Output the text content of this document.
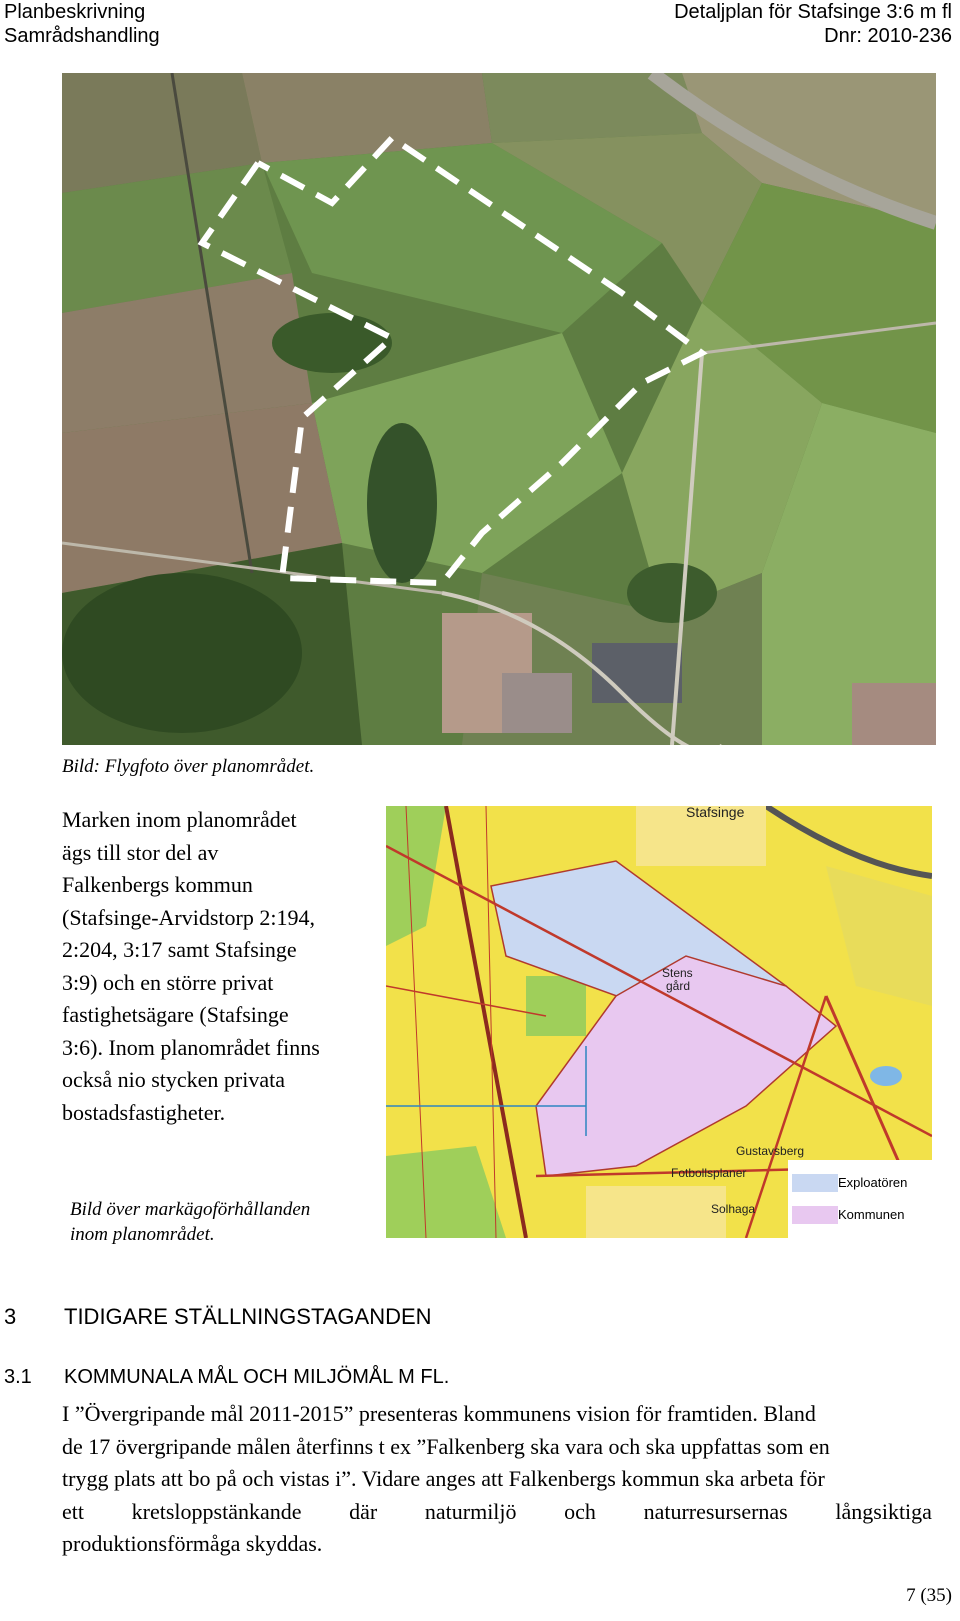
Planbeskrivning
Samrådshandling
Detaljplan för Stafsinge 3:6 m fl
Dnr: 2010-236
Bild: Flygfoto över planområdet.
Marken inom planområdet
ägs till stor del av
Falkenbergs kommun
(Stafsinge-Arvidstorp 2:194,
2:204, 3:17 samt Stafsinge
3:9) och en större privat
fastighetsägare (Stafsinge
3:6). Inom planområdet finns
också nio stycken privata
bostadsfastigheter.
Bild över markägoförhållanden
inom planområdet.
Stafsinge
Stens
gård
Gustavsberg
Fotbollsplaner
Solhaga
Exploatören
Kommunen
3 TIDIGARE STÄLLNINGSTAGANDEN
3.1 KOMMUNALA MÅL OCH MILJÖMÅL M FL.
I ”Övergripande mål 2011-2015” presenteras kommunens vision för framtiden. Bland
de 17 övergripande målen återfinns t ex ”Falkenberg ska vara och ska uppfattas som en
trygg plats att bo på och vistas i”. Vidare anges att Falkenbergs kommun ska arbeta för
ett kretsloppstänkande där naturmiljö och naturresursernas långsiktiga
produktionsförmåga skyddas.
7 (35)
